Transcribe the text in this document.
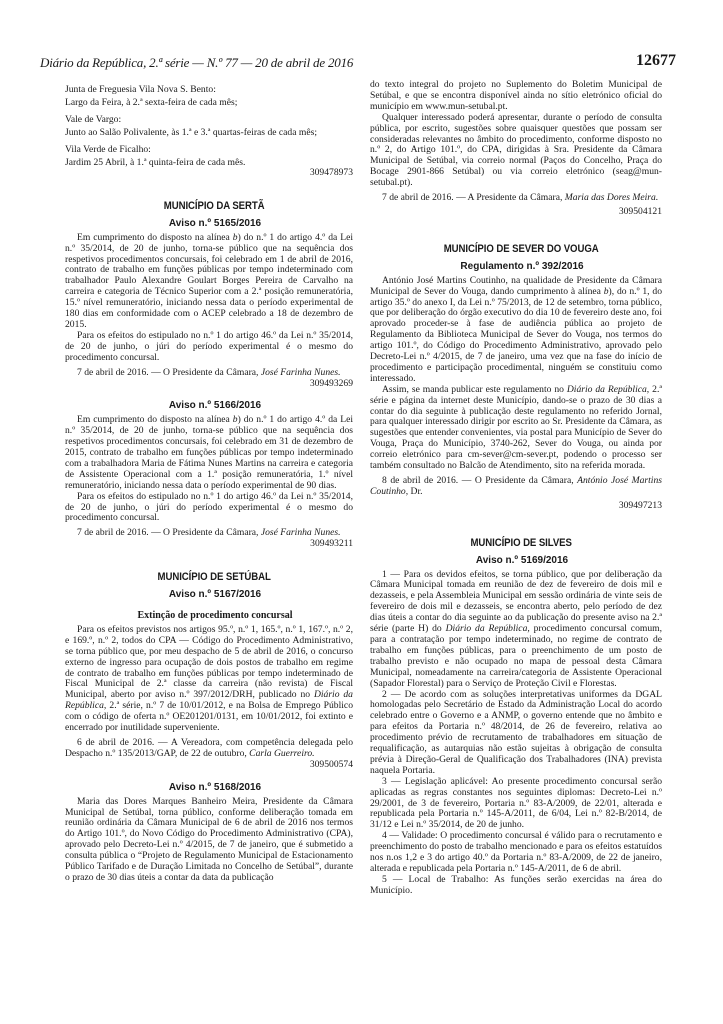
Diário da República, 2.ª série — N.º 77 — 20 de abril de 2016	12677

Junta de Freguesia Vila Nova S. Bento:

Largo da Feira, à 2.ª sexta-feira de cada mês;

Vale de Vargo:

Junto ao Salão Polivalente, às 1.ª e 3.ª quartas-feiras de cada mês;

Vila Verde de Ficalho:

Jardim 25 Abril, à 1.ª quinta-feira de cada mês.

309478973

MUNICÍPIO DA SERTÃ

Aviso n.º 5165/2016

Em cumprimento do disposto na alínea b) do n.º 1 do artigo 4.º da Lei n.º 35/2014, de 20 de junho, torna-se público que na sequência dos respetivos procedimentos concursais, foi celebrado em 1 de abril de 2016, contrato de trabalho em funções públicas por tempo indeterminado com trabalhador Paulo Alexandre Goulart Borges Pereira de Carvalho na carreira e categoria de Técnico Superior com a 2.ª posição remuneratória, 15.º nível remuneratório, iniciando nessa data o período experimental de 180 dias em conformidade com o ACEP celebrado a 18 de dezembro de 2015.

Para os efeitos do estipulado no n.º 1 do artigo 46.º da Lei n.º 35/2014, de 20 de junho, o júri do período experimental é o mesmo do procedimento concursal.

7 de abril de 2016. — O Presidente da Câmara, José Farinha Nunes.

309493269

Aviso n.º 5166/2016

Em cumprimento do disposto na alínea b) do n.º 1 do artigo 4.º da Lei n.º 35/2014, de 20 de junho, torna-se público que na sequência dos respetivos procedimentos concursais, foi celebrado em 31 de dezembro de 2015, contrato de trabalho em funções públicas por tempo indeterminado com a trabalhadora Maria de Fátima Nunes Martins na carreira e categoria de Assistente Operacional com a 1.ª posição remuneratória, 1.º nível remuneratório, iniciando nessa data o período experimental de 90 dias.

Para os efeitos do estipulado no n.º 1 do artigo 46.º da Lei n.º 35/2014, de 20 de junho, o júri do período experimental é o mesmo do procedimento concursal.

7 de abril de 2016. — O Presidente da Câmara, José Farinha Nunes.

309493211

MUNICÍPIO DE SETÚBAL

Aviso n.º 5167/2016

Extinção de procedimento concursal

Para os efeitos previstos nos artigos 95.º, n.º 1, 165.º, n.º 1, 167.º, n.º 2, e 169.º, n.º 2, todos do CPA — Código do Procedimento Administrativo, se torna público que, por meu despacho de 5 de abril de 2016, o concurso externo de ingresso para ocupação de dois postos de trabalho em regime de contrato de trabalho em funções públicas por tempo indeterminado de Fiscal Municipal de 2.ª classe da carreira (não revista) de Fiscal Municipal, aberto por aviso n.º 397/2012/DRH, publicado no Diário da República, 2.ª série, n.º 7 de 10/01/2012, e na Bolsa de Emprego Público com o código de oferta n.º OE201201/0131, em 10/01/2012, foi extinto e encerrado por inutilidade superveniente.

6 de abril de 2016. — A Vereadora, com competência delegada pelo Despacho n.º 135/2013/GAP, de 22 de outubro, Carla Guerreiro.

309500574

Aviso n.º 5168/2016

Maria das Dores Marques Banheiro Meira, Presidente da Câmara Municipal de Setúbal, torna público, conforme deliberação tomada em reunião ordinária da Câmara Municipal de 6 de abril de 2016 nos termos do Artigo 101.º, do Novo Código do Procedimento Administrativo (CPA), aprovado pelo Decreto-Lei n.º 4/2015, de 7 de janeiro, que é submetido a consulta pública o “Projeto de Regulamento Municipal de Estacionamento Público Tarifado e de Duração Limitada no Concelho de Setúbal”, durante o prazo de 30 dias úteis a contar da data da publicação

do texto integral do projeto no Suplemento do Boletim Municipal de Setúbal, e que se encontra disponível ainda no sítio eletrónico oficial do município em www.mun-setubal.pt.

Qualquer interessado poderá apresentar, durante o período de consulta pública, por escrito, sugestões sobre quaisquer questões que possam ser consideradas relevantes no âmbito do procedimento, conforme disposto no n.º 2, do Artigo 101.º, do CPA, dirigidas à Sra. Presidente da Câmara Municipal de Setúbal, via correio normal (Paços do Concelho, Praça do Bocage 2901-866 Setúbal) ou via correio eletrónico (seag@mun-setubal.pt).

7 de abril de 2016. — A Presidente da Câmara, Maria das Dores Meira.

309504121

MUNICÍPIO DE SEVER DO VOUGA

Regulamento n.º 392/2016

António José Martins Coutinho, na qualidade de Presidente da Câmara Municipal de Sever do Vouga, dando cumprimento à alínea b), do n.º 1, do artigo 35.º do anexo I, da Lei n.º 75/2013, de 12 de setembro, torna público, que por deliberação do órgão executivo do dia 10 de fevereiro deste ano, foi aprovado proceder-se à fase de audiência pública ao projeto de Regulamento da Biblioteca Municipal de Sever do Vouga, nos termos do artigo 101.º, do Código do Procedimento Administrativo, aprovado pelo Decreto-Lei n.º 4/2015, de 7 de janeiro, uma vez que na fase do início de procedimento e participação procedimental, ninguém se constituiu como interessado.

Assim, se manda publicar este regulamento no Diário da República, 2.ª série e página da internet deste Município, dando-se o prazo de 30 dias a contar do dia seguinte à publicação deste regulamento no referido Jornal, para qualquer interessado dirigir por escrito ao Sr. Presidente da Câmara, as sugestões que entender convenientes, via postal para Município de Sever do Vouga, Praça do Município, 3740-262, Sever do Vouga, ou ainda por correio eletrónico para cm-sever@cm-sever.pt, podendo o processo ser também consultado no Balcão de Atendimento, sito na referida morada.

8 de abril de 2016. — O Presidente da Câmara, António José Martins Coutinho, Dr.

309497213

MUNICÍPIO DE SILVES

Aviso n.º 5169/2016

1 — Para os devidos efeitos, se torna público, que por deliberação da Câmara Municipal tomada em reunião de dez de fevereiro de dois mil e dezasseis, e pela Assembleia Municipal em sessão ordinária de vinte seis de fevereiro de dois mil e dezasseis, se encontra aberto, pelo período de dez dias úteis a contar do dia seguinte ao da publicação do presente aviso na 2.ª série (parte H) do Diário da República, procedimento concursal comum, para a contratação por tempo indeterminado, no regime de contrato de trabalho em funções públicas, para o preenchimento de um posto de trabalho previsto e não ocupado no mapa de pessoal desta Câmara Municipal, nomeadamente na carreira/categoria de Assistente Operacional (Sapador Florestal) para o Serviço de Proteção Civil e Florestas.

2 — De acordo com as soluções interpretativas uniformes da DGAL homologadas pelo Secretário de Estado da Administração Local do acordo celebrado entre o Governo e a ANMP, o governo entende que no âmbito e para efeitos da Portaria n.º 48/2014, de 26 de fevereiro, relativa ao procedimento prévio de recrutamento de trabalhadores em situação de requalificação, as autarquias não estão sujeitas à obrigação de consulta prévia à Direção-Geral de Qualificação dos Trabalhadores (INA) prevista naquela Portaria.

3 — Legislação aplicável: Ao presente procedimento concursal serão aplicadas as regras constantes nos seguintes diplomas: Decreto-Lei n.º 29/2001, de 3 de fevereiro, Portaria n.º 83-A/2009, de 22/01, alterada e republicada pela Portaria n.º 145-A/2011, de 6/04, Lei n.º 82-B/2014, de 31/12 e Lei n.º 35/2014, de 20 de junho.

4 — Validade: O procedimento concursal é válido para o recrutamento e preenchimento do posto de trabalho mencionado e para os efeitos estatuídos nos n.os 1,2 e 3 do artigo 40.º da Portaria n.º 83-A/2009, de 22 de janeiro, alterada e republicada pela Portaria n.º 145-A/2011, de 6 de abril.

5 — Local de Trabalho: As funções serão exercidas na área do Município.
